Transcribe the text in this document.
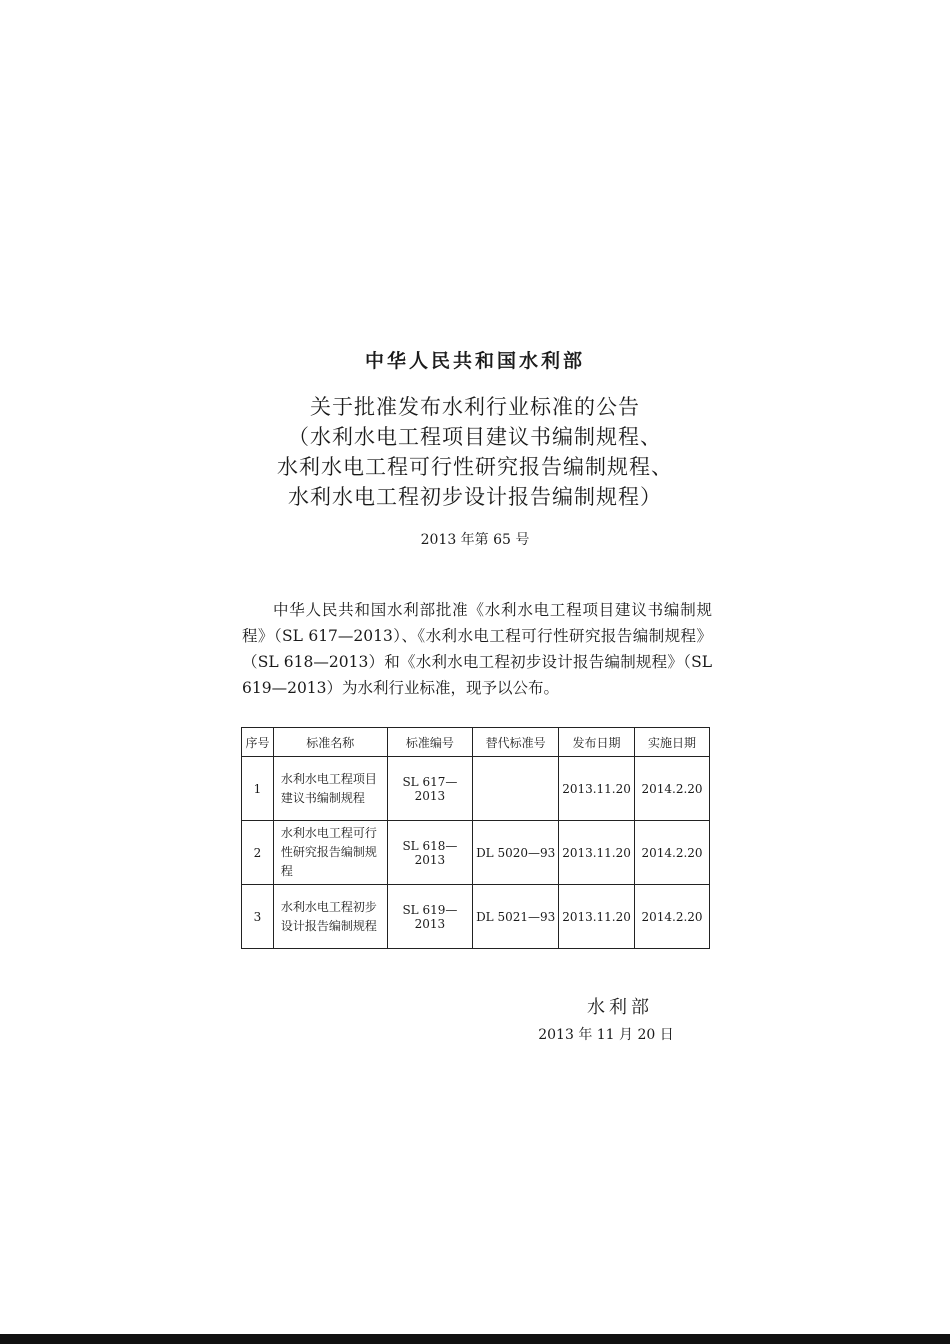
中华人民共和国水利部
关于批准发布水利行业标准的公告
（水利水电工程项目建议书编制规程、
水利水电工程可行性研究报告编制规程、
水利水电工程初步设计报告编制规程）
2013 年第 65 号

中华人民共和国水利部批准《水利水电工程项目建议书编制规程》（SL 617—2013）、《水利水电工程可行性研究报告编制规程》（SL 618—2013）和《水利水电工程初步设计报告编制规程》（SL 619—2013）为水利行业标准，现予以公布。

序号	标准名称	标准编号	替代标准号	发布日期	实施日期
1	水利水电工程项目建议书编制规程	SL 617—2013		2013.11.20	2014.2.20
2	水利水电工程可行性研究报告编制规程	SL 618—2013	DL 5020—93	2013.11.20	2014.2.20
3	水利水电工程初步设计报告编制规程	SL 619—2013	DL 5021—93	2013.11.20	2014.2.20
水利部
2013 年 11 月 20 日
